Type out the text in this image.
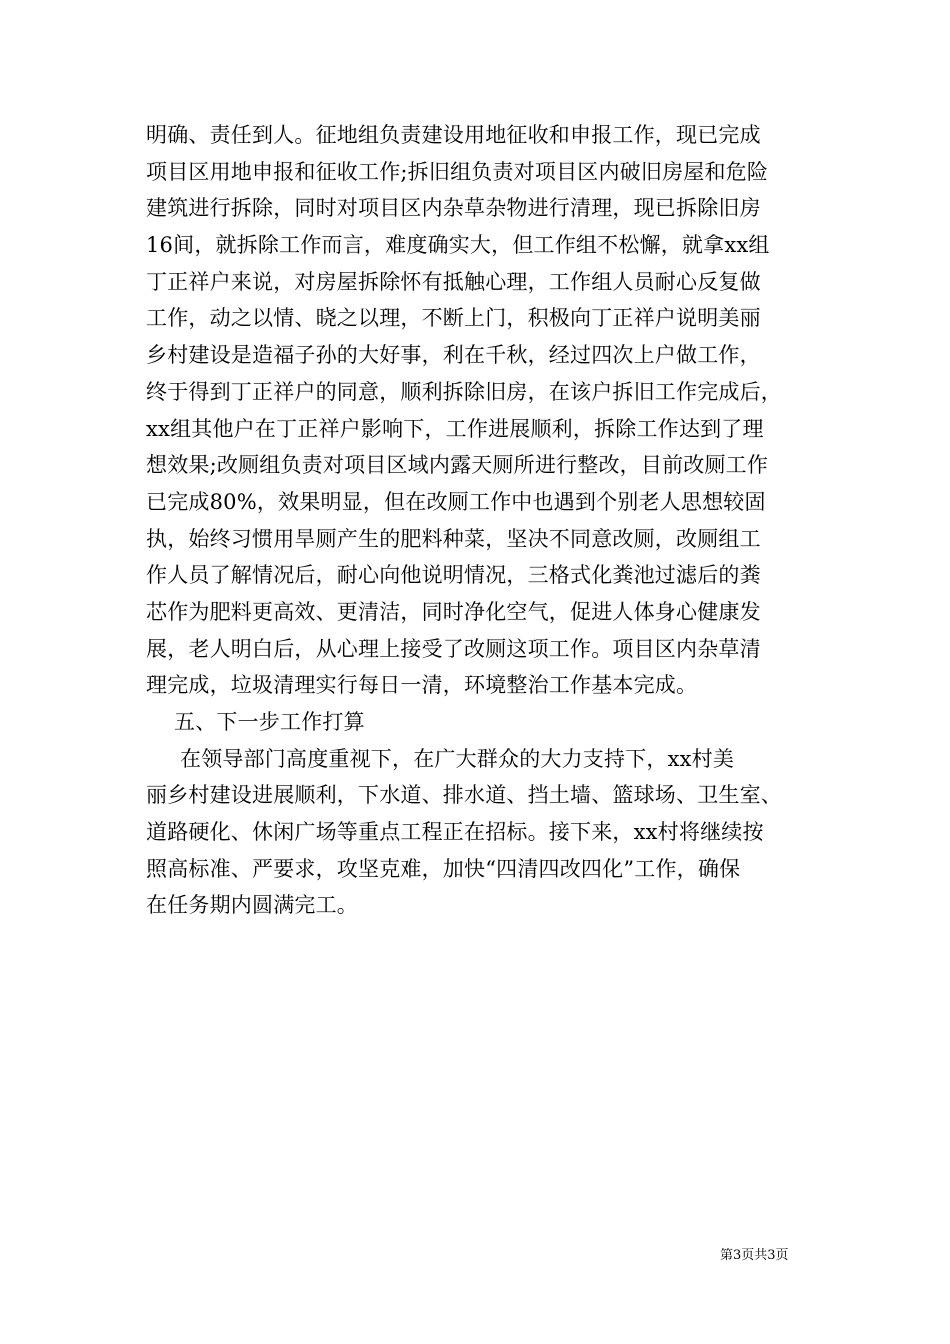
明确、责任到人。征地组负责建设用地征收和申报工作，现已完成
项目区用地申报和征收工作;拆旧组负责对项目区内破旧房屋和危险
建筑进行拆除，同时对项目区内杂草杂物进行清理，现已拆除旧房
16间，就拆除工作而言，难度确实大，但工作组不松懈，就拿xx组
丁正祥户来说，对房屋拆除怀有抵触心理，工作组人员耐心反复做
工作，动之以情、晓之以理，不断上门，积极向丁正祥户说明美丽
乡村建设是造福子孙的大好事，利在千秋，经过四次上户做工作，
终于得到丁正祥户的同意，顺利拆除旧房，在该户拆旧工作完成后，
xx组其他户在丁正祥户影响下，工作进展顺利，拆除工作达到了理
想效果;改厕组负责对项目区域内露天厕所进行整改，目前改厕工作
已完成80%，效果明显，但在改厕工作中也遇到个别老人思想较固
执，始终习惯用旱厕产生的肥料种菜，坚决不同意改厕，改厕组工
作人员了解情况后，耐心向他说明情况，三格式化粪池过滤后的粪
芯作为肥料更高效、更清洁，同时净化空气，促进人体身心健康发
展，老人明白后，从心理上接受了改厕这项工作。项目区内杂草清
理完成，垃圾清理实行每日一清，环境整治工作基本完成。
五、下一步工作打算
在领导部门高度重视下，在广大群众的大力支持下，xx村美
丽乡村建设进展顺利，下水道、排水道、挡土墙、篮球场、卫生室、
道路硬化、休闲广场等重点工程正在招标。接下来，xx村将继续按
照高标准、严要求，攻坚克难，加快“四清四改四化”工作，确保
在任务期内圆满完工。
第3页共3页
